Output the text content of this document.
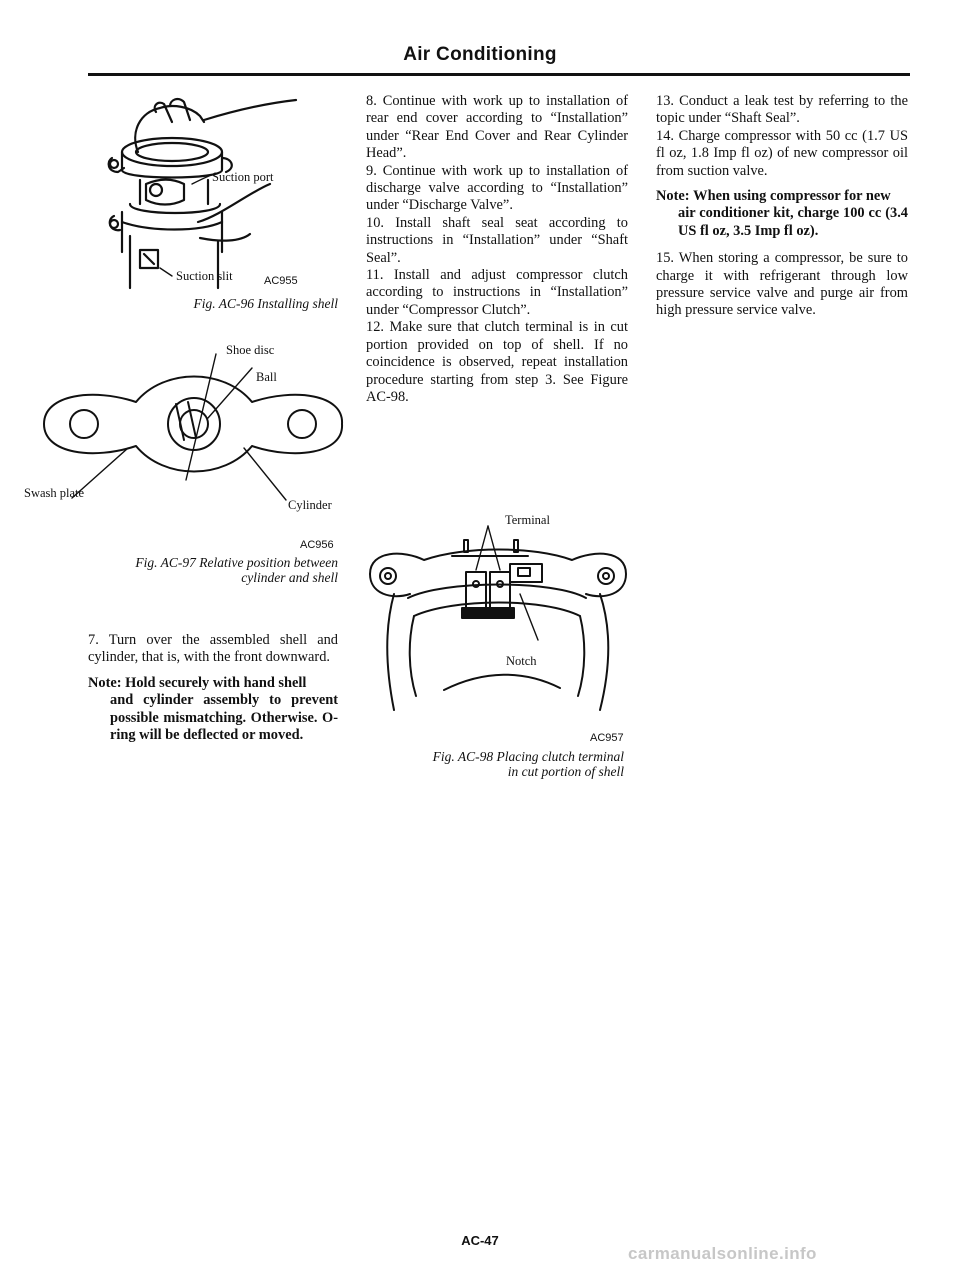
Air Conditioning
Suction port
Suction slit	AC955
Fig. AC-96 Installing shell
Shoe disc
Ball
Swash plate
Cylinder
AC956
Fig. AC-97 Relative position between
cylinder and shell

7. Turn over the assembled shell and cylinder, that is, with the front downward.

Note: Hold securely with hand shell
and cylinder assembly to prevent possible mismatching. Otherwise. O-ring will be deflected or moved.

8. Continue with work up to installation of rear end cover according to “Installation” under “Rear End Cover and Rear Cylinder Head”.

9. Continue with work up to installation of discharge valve according to “Installation” under “Discharge Valve”.

10. Install shaft seal seat according to instructions in “Installation” under “Shaft Seal”.

11. Install and adjust compressor clutch according to instructions in “Installation” under “Compressor Clutch”.

12. Make sure that clutch terminal is in cut portion provided on top of shell. If no coincidence is observed, repeat installation procedure starting from step 3. See Figure AC-98.

Terminal
Notch
AC957
Fig. AC-98 Placing clutch terminal
in cut portion of shell

13. Conduct a leak test by referring to the topic under “Shaft Seal”.

14. Charge compressor with 50 cc (1.7 US fl oz, 1.8 Imp fl oz) of new compressor oil from suction valve.

Note: When using compressor for new
air conditioner kit, charge 100 cc (3.4 US fl oz, 3.5 Imp fl oz).

15. When storing a compressor, be sure to charge it with refrigerant through low pressure service valve and purge air from high pressure service valve.

AC-47
carmanualsonline.info
